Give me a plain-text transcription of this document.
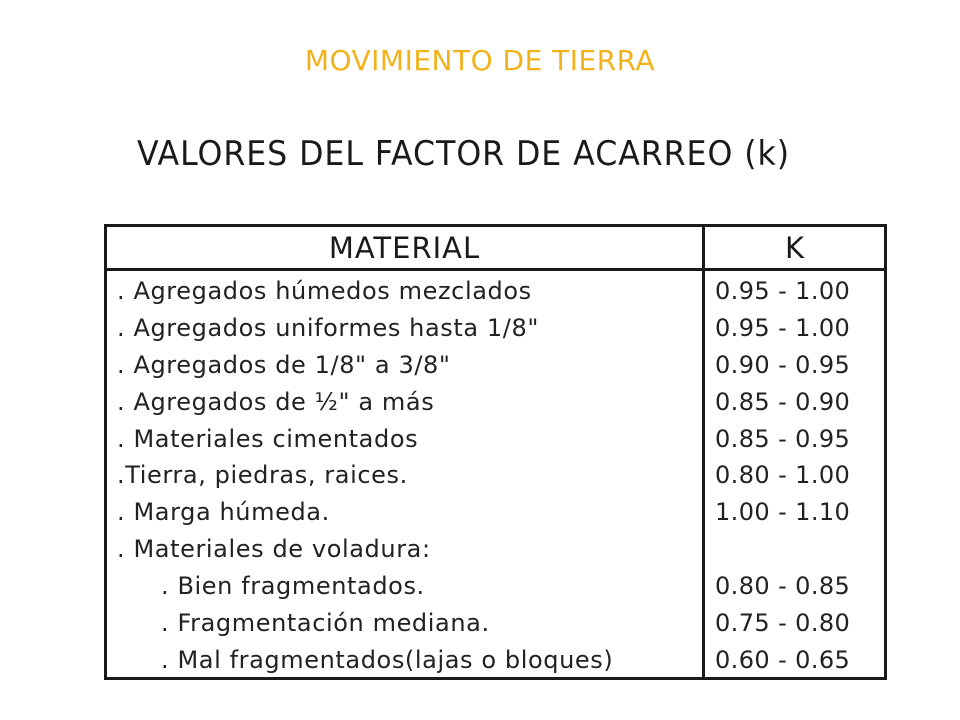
MOVIMIENTO DE TIERRA
VALORES DEL FACTOR DE ACARREO (k)
MATERIAL	K
. Agregados húmedos mezclados	0.95 - 1.00
. Agregados uniformes hasta 1/8"	0.95 - 1.00
. Agregados de 1/8" a 3/8"	0.90 - 0.95
. Agregados de ½" a más	0.85 - 0.90
. Materiales cimentados	0.85 - 0.95
.Tierra, piedras, raices.	0.80 - 1.00
. Marga húmeda.	1.00 - 1.10
. Materiales de voladura:
. Bien fragmentados.	0.80 - 0.85
. Fragmentación mediana.	0.75 - 0.80
. Mal fragmentados(lajas o bloques)	0.60 - 0.65
